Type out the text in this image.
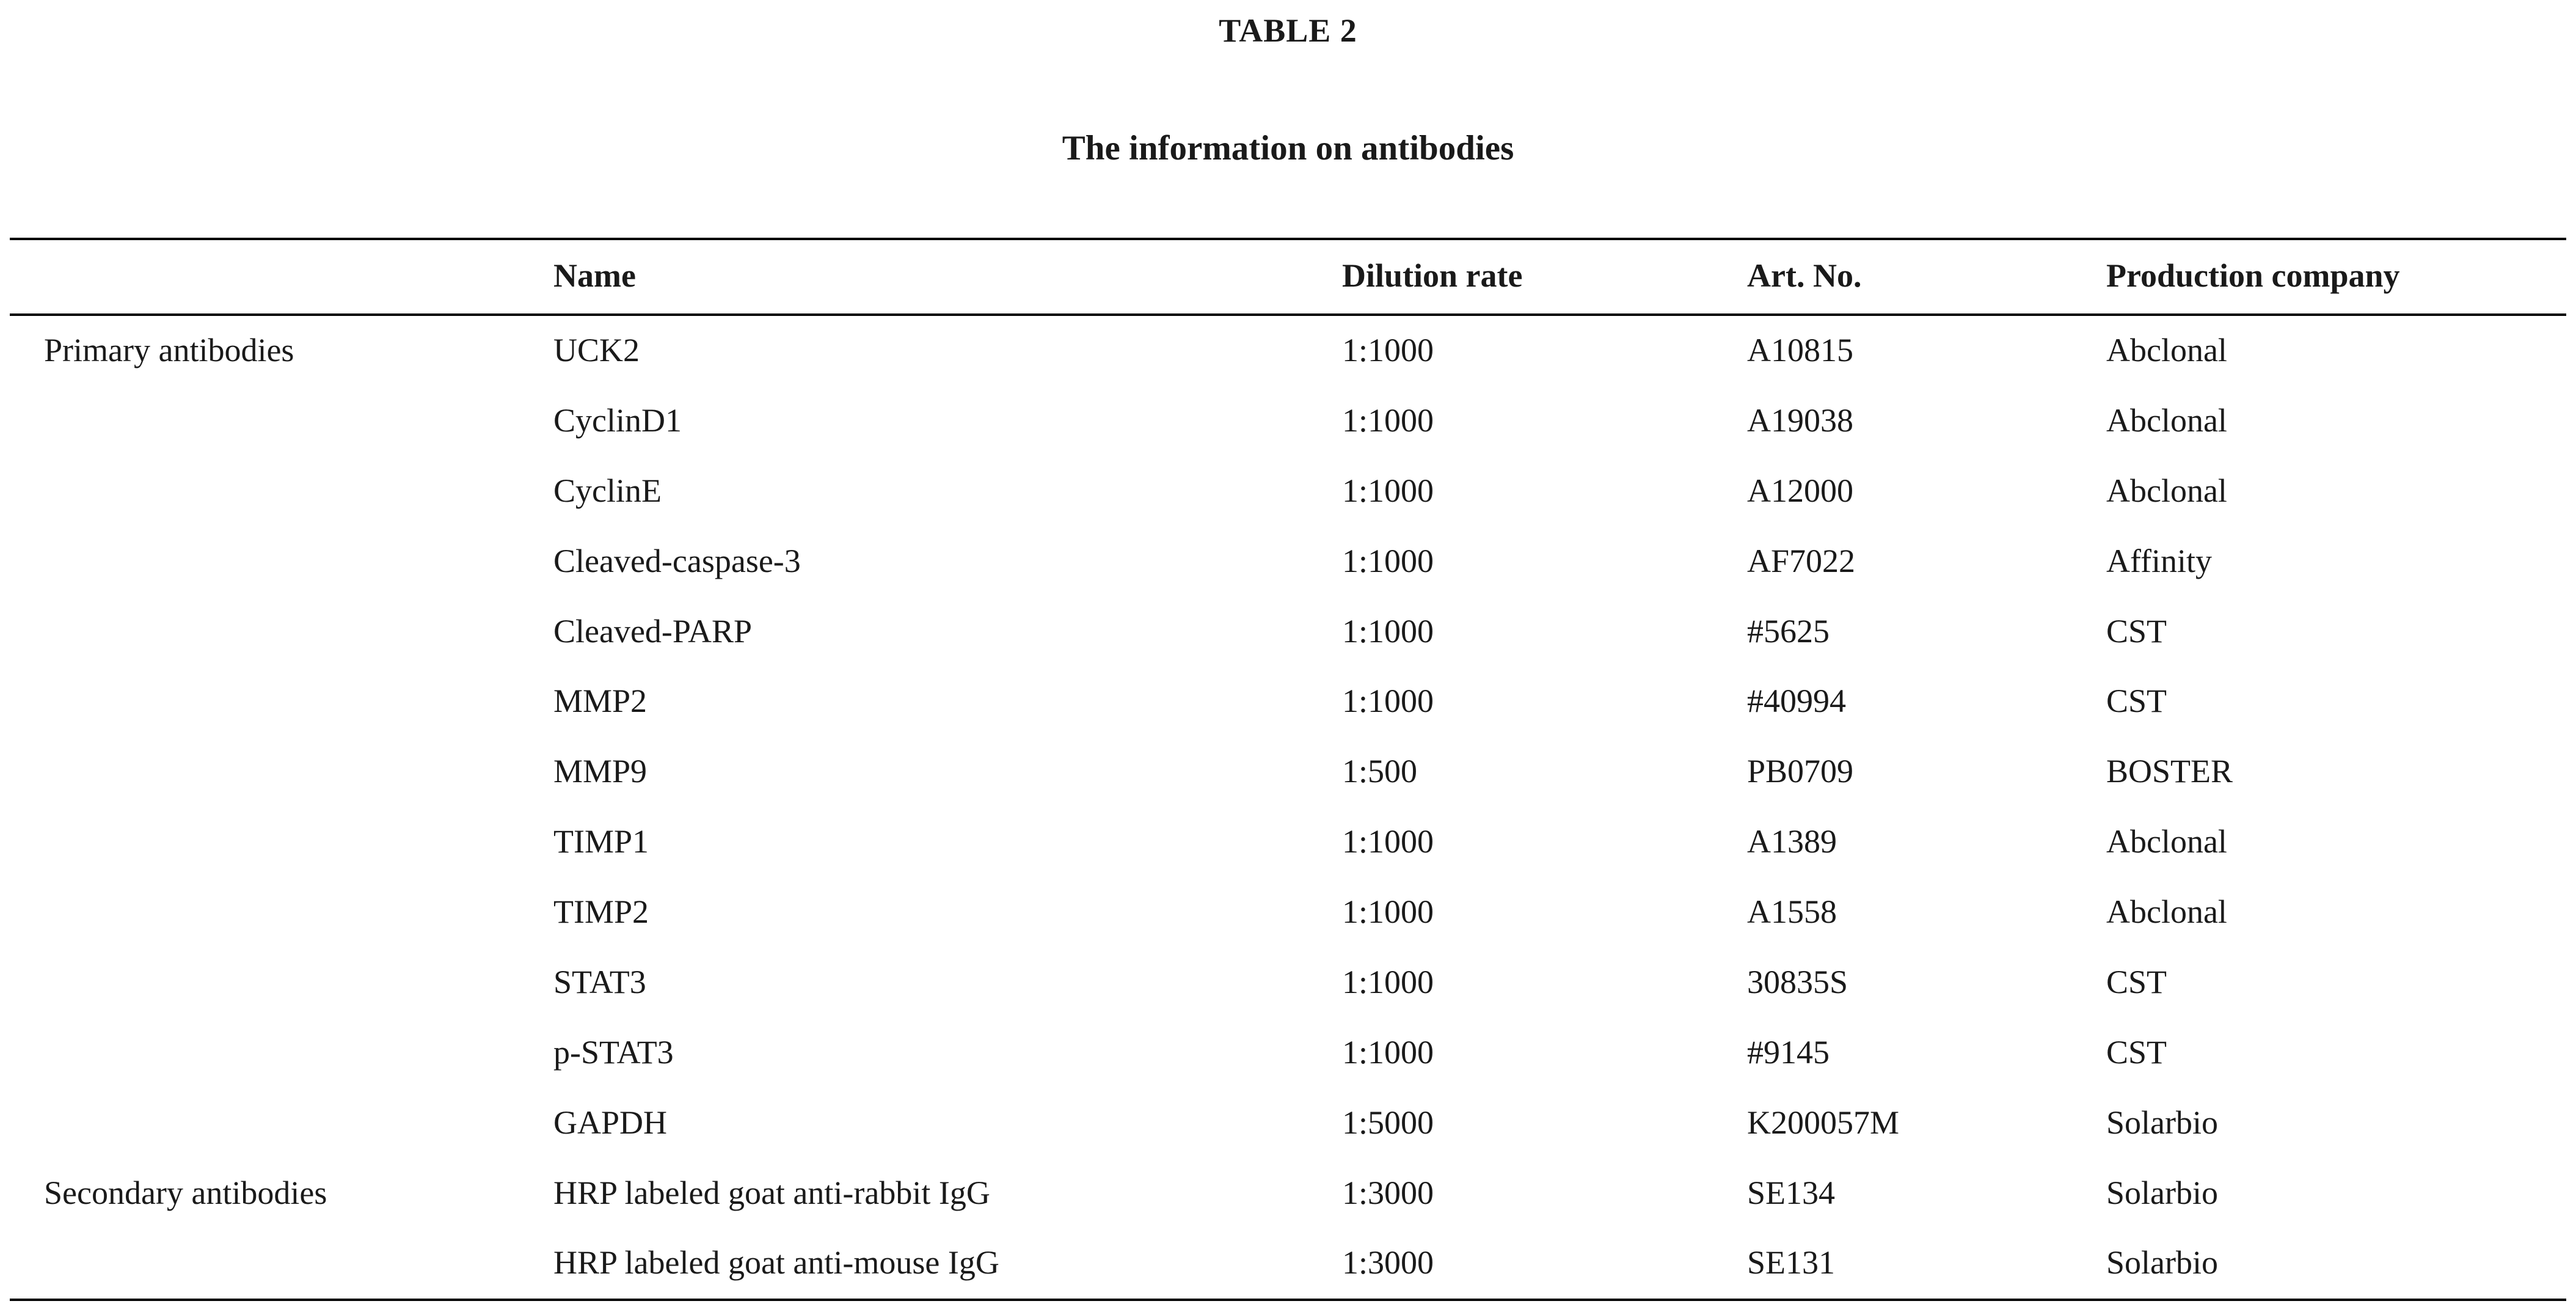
TABLE 2
The information on antibodies
	Name	Dilution rate	Art. No.	Production company
Primary antibodies	UCK2	1:1000	A10815	Abclonal
	CyclinD1	1:1000	A19038	Abclonal
	CyclinE	1:1000	A12000	Abclonal
	Cleaved-caspase-3	1:1000	AF7022	Affinity
	Cleaved-PARP	1:1000	#5625	CST
	MMP2	1:1000	#40994	CST
	MMP9	1:500	PB0709	BOSTER
	TIMP1	1:1000	A1389	Abclonal
	TIMP2	1:1000	A1558	Abclonal
	STAT3	1:1000	30835S	CST
	p-STAT3	1:1000	#9145	CST
	GAPDH	1:5000	K200057M	Solarbio
Secondary antibodies	HRP labeled goat anti-rabbit IgG	1:3000	SE134	Solarbio
	HRP labeled goat anti-mouse IgG	1:3000	SE131	Solarbio
